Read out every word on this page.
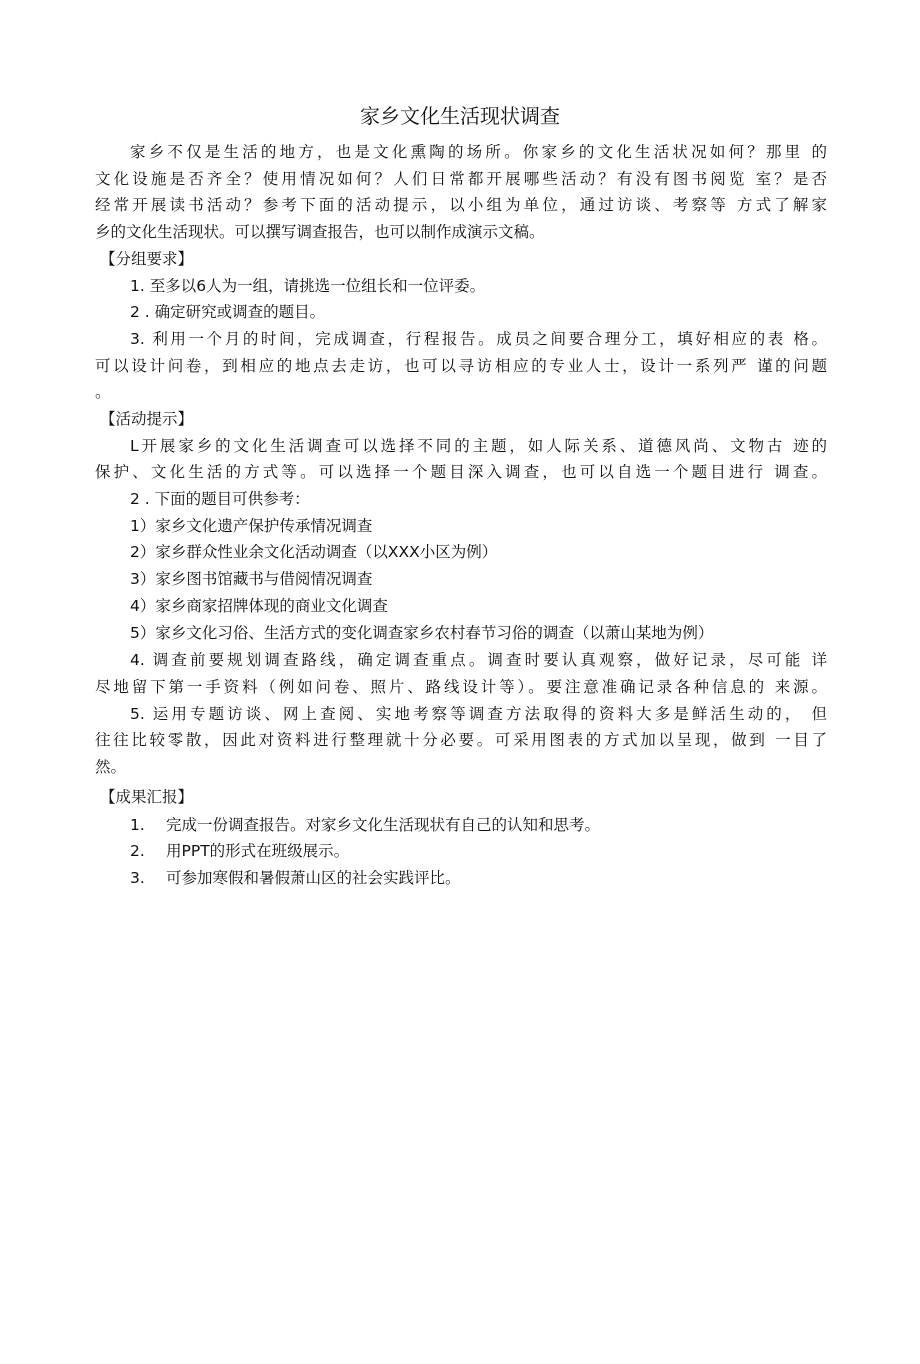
家乡文化生活现状调查
家乡不仅是生活的地方，也是文化熏陶的场所。你家乡的文化生活状况如何？那里 的
文化设施是否齐全？使用情况如何？人们日常都开展哪些活动？有没有图书阅览 室？是否
经常开展读书活动？参考下面的活动提示，以小组为单位，通过访谈、考察等 方式了解家
乡的文化生活现状。可以撰写调查报告，也可以制作成演示文稿。
【分组要求】
1. 至多以6人为一组，请挑选一位组长和一位评委。
2 . 确定研究或调查的题目。
3. 利用一个月的时间，完成调查，行程报告。成员之间要合理分工，填好相应的表 格。
可以设计问卷，到相应的地点去走访，也可以寻访相应的专业人士，设计一系列严 谨的问题
。
【活动提示】
L开展家乡的文化生活调查可以选择不同的主题，如人际关系、道德风尚、文物古 迹的
保护、文化生活的方式等。可以选择一个题目深入调查，也可以自选一个题目进行 调查。
2 . 下面的题目可供参考：
1）家乡文化遗产保护传承情况调查
2）家乡群众性业余文化活动调查（以XXX小区为例）
3）家乡图书馆藏书与借阅情况调查
4）家乡商家招牌体现的商业文化调查
5）家乡文化习俗、生活方式的变化调查家乡农村春节习俗的调查（以萧山某地为例）
4. 调查前要规划调查路线，确定调查重点。调查时要认真观察，做好记录，尽可能 详
尽地留下第一手资料（例如问卷、照片、路线设计等）。要注意准确记录各种信息的 来源。
5. 运用专题访谈、网上查阅、实地考察等调查方法取得的资料大多是鲜活生动的， 但
往往比较零散，因此对资料进行整理就十分必要。可采用图表的方式加以呈现，做到 一目了
然。
【成果汇报】
1. 完成一份调查报告。对家乡文化生活现状有自己的认知和思考。
2. 用PPT的形式在班级展示。
3. 可参加寒假和暑假萧山区的社会实践评比。
